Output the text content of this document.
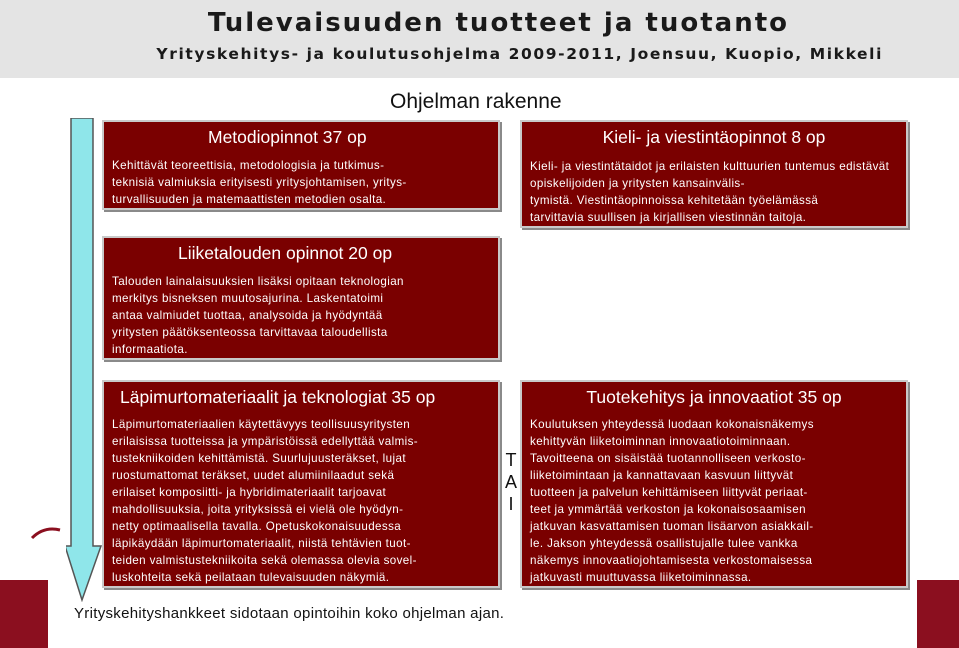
Tulevaisuuden tuotteet ja tuotanto
Yrityskehitys- ja koulutusohjelma 2009-2011, Joensuu, Kuopio, Mikkeli
Ohjelman rakenne
Metodiopinnot 37 op
Kehittävät teoreettisia, metodologisia ja tutkimus-
teknisiä valmiuksia erityisesti yritysjohtamisen, yritys-
turvallisuuden ja matemaattisten metodien osalta.
Kieli- ja viestintäopinnot 8 op
Kieli- ja viestintätaidot ja erilaisten kulttuurien tuntemus edistävät opiskelijoiden ja yritysten kansainvälis-
tymistä. Viestintäopinnoissa kehitetään työelämässä
tarvittavia suullisen ja kirjallisen viestinnän taitoja.
Liiketalouden opinnot 20 op
Talouden lainalaisuuksien lisäksi opitaan teknologian
merkitys bisneksen muutosajurina. Laskentatoimi
antaa valmiudet tuottaa, analysoida ja hyödyntää
yritysten päätöksenteossa tarvittavaa taloudellista
informaatiota.
Läpimurtomateriaalit ja teknologiat 35 op
Läpimurtomateriaalien käytettävyys teollisuusyritysten
erilaisissa tuotteissa ja ympäristöissä edellyttää valmis-
tustekniikoiden kehittämistä. Suurlujuusteräkset, lujat
ruostumattomat teräkset, uudet alumiinilaadut sekä
erilaiset komposiitti- ja hybridimateriaalit tarjoavat
mahdollisuuksia, joita yrityksissä ei vielä ole hyödyn-
netty optimaalisella tavalla. Opetuskokonaisuudessa
läpikäydään läpimurtomateriaalit, niistä tehtävien tuot-
teiden valmistustekniikoita sekä olemassa olevia sovel-
luskohteita sekä peilataan tulevaisuuden näkymiä.
Tuotekehitys ja innovaatiot 35 op
Koulutuksen yhteydessä luodaan kokonaisnäkemys
kehittyvän liiketoiminnan innovaatiotoiminnaan.
Tavoitteena on sisäistää tuotannolliseen verkosto-
liiketoimintaan ja kannattavaan kasvuun liittyvät
tuotteen ja palvelun kehittämiseen liittyvät periaat-
teet ja ymmärtää verkoston ja kokonaisosaamisen
jatkuvan kasvattamisen tuoman lisäarvon asiakkail-
le. Jakson yhteydessä osallistujalle tulee vankka
näkemys innovaatiojohtamisesta verkostomaisessa
jatkuvasti muuttuvassa liiketoiminnassa.
T
A
I
Yrityskehityshankkeet sidotaan opintoihin koko ohjelman ajan.
